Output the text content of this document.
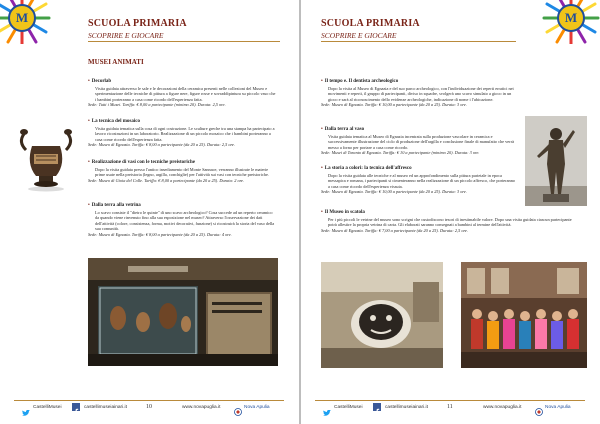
M	SCUOLA PRIMARIA
SCOPRIRE E GIOCARE
MUSEI ANIMATI
• Decorlab
Visita guidata attraverso le sale e le decorazioni della ceramica presenti nelle collezioni del Museo e sperimentazione delle tecniche di pittura a figure nere, figure rosse e sovraddipintura su piccolo vaso che i bambini porteranno a casa come ricordo dell'esperienza fatta.
Sede: Tutti i Musei. Tariffa: € 8,00 a partecipante (minimo 20). Durata: 2,5 ore.
• La tecnica del mosaico
Visita guidata tematica sulla cosa di ogni costruzione. Le sculture greche tra una stampa ha partecipato a lavoro ricostruzioni in un laboratorio. Realizzazione di un piccolo mosaico che i bambini porteranno a casa come ricordo dell'esperienza fatta.
Sede: Museo di Egnazia. Tariffa: € 8,00 a partecipante (da 20 a 25). Durata: 2,5 ore.
• Realizzazione di vasi con le tecniche preistoriche
Dopo la visita guidata presso l'antico insediamento del Monte Sannace, verranno illustrate le materie prime usate nella preistoria (legno, argilla, conchiglie) per l'attività sui vasi con tecniche preistoriche.
Sede: Museo di Gioia del Colle. Tariffa: € 8,00 a partecipante (da 20 a 25). Durata: 2 ore.
• Dalla terra alla vetrina
Lo scavo consiste il "dietro le quinte" di uno scavo archeologico? Cosa succede ad un reperto ceramico da quando viene rinvenuto fino alla sua esposizione nel museo? Attraverso l'osservazione dei dati dell'attività (colore, consistenza, forma, motivi decorativi, funzione) si ricostruirà la storia del vaso della sua comunità.
Sede: Museo di Egnazia. Tariffa: € 8,00 a partecipante (da 20 a 25). Durata: 4 ore.
CastelliMusei	castellimuseiainari.it	10	www.novapuglia.it	Nova Apulia
M
SCUOLA PRIMARIA
SCOPRIRE E GIOCARE
• Il tempo e. Il dentista archeologico
Dopo la visita al Museo di Egnazia e del suo parco archeologico, con l'individuazione dei reperti erratici nei movimenti e reperti, il gruppo di partecipanti, diviso in squadre, svolgerà uno scavo simulato a gioco in un gioco e sarà al riconoscimento dello evidenze archeologiche, indicazione di nome i l'ubicazione.
Sede: Museo di Egnazia. Tariffa: € 10,00 a partecipante (da 20 a 25). Durata: 3 ore.
• Dalla terra al vaso
Visita guidata tematica al Museo di Egnazia incentrata sulla produzione vascolare in ceramica e successivamente illustrazione del ciclo di produzione dell'argilla e conclusione finale di manufatto che verrà messo a forno per portare a casa come ricordo.
Sede: Musei di Taranto di Egnazia. Tariffa: € 10 a partecipante (minimo 20). Durata: 3 ore.
• La storia a colori: la tecnica dell'affresco
Dopo la visita guidata alle tecniche e al museo ed un approfondimento sulla pittura parietale in epoca messapica e romana, i partecipanti si cimenteranno nella realizzazione di un piccolo affresco, che porteranno a casa come ricordo dell'esperienza vissuta.
Sede: Museo di Egnazia. Tariffa: € 10,00 a partecipante (da 20 a 25). Durata: 3 ore.
• Il Museo in scatola
Per i più piccoli le vetrine del museo sono scrigni che custodiscono tesori di inestimabile valore. Dopo una visita guidata ciascun partecipante potrà allestire la propria vetrina di carta. Gli elaborati saranno consegnati a bambini al termine dell'attività.
Sede: Museo di Egnazia. Tariffa: € 7,00 a partecipante (da 20 a 25). Durata: 2,5 ore.
CastelliMusei	castellimuseiainari.it	11	www.novapuglia.it	Nova Apulia
